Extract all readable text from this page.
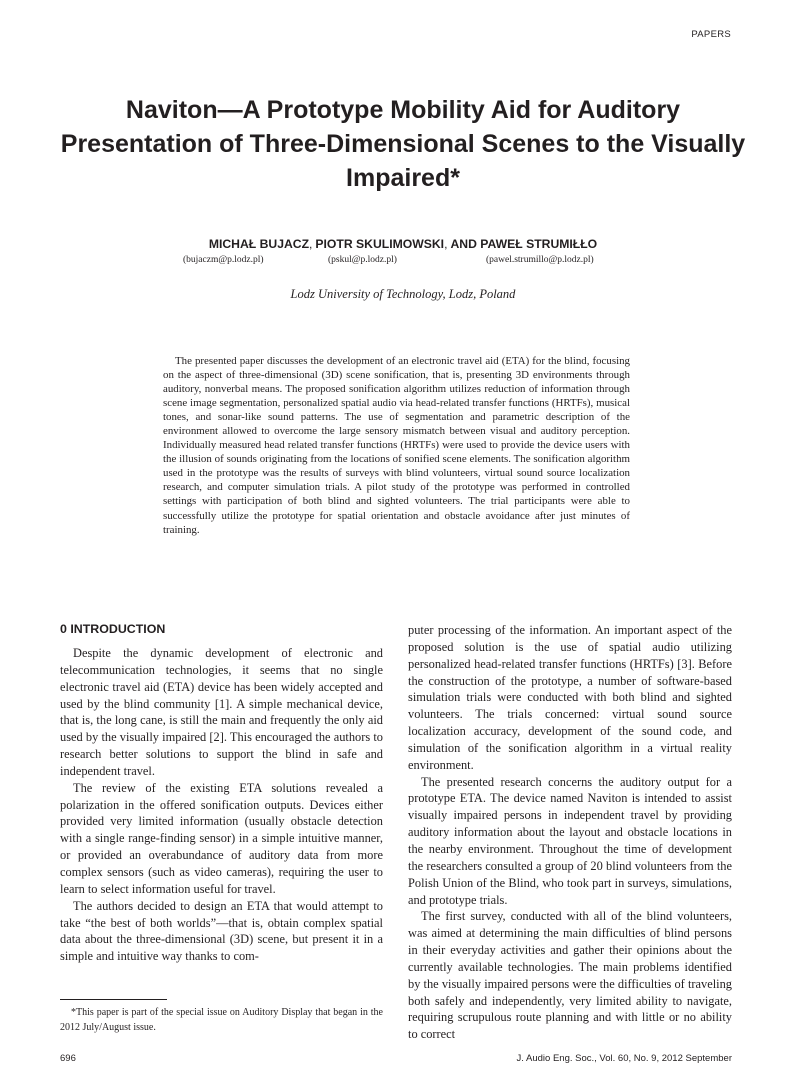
PAPERS
Naviton—A Prototype Mobility Aid for Auditory Presentation of Three-Dimensional Scenes to the Visually Impaired*
MICHAŁ BUJACZ, PIOTR SKULIMOWSKI, AND PAWEŁ STRUMIŁŁO
(bujaczm@p.lodz.pl)	(pskul@p.lodz.pl)	(pawel.strumillo@p.lodz.pl)
Lodz University of Technology, Lodz, Poland

The presented paper discusses the development of an electronic travel aid (ETA) for the blind, focusing on the aspect of three-dimensional (3D) scene sonification, that is, presenting 3D environments through auditory, nonverbal means. The proposed sonification algorithm utilizes reduction of information through scene image segmentation, personalized spatial audio via head-related transfer functions (HRTFs), musical tones, and sonar-like sound patterns. The use of segmentation and parametric description of the environment allowed to overcome the large sensory mismatch between visual and auditory perception. Individually measured head related transfer functions (HRTFs) were used to provide the device users with the illusion of sounds originating from the locations of sonified scene elements. The sonification algorithm used in the prototype was the results of surveys with blind volunteers, virtual sound source localization research, and computer simulation trials. A pilot study of the prototype was performed in controlled settings with participation of both blind and sighted volunteers. The trial participants were able to successfully utilize the prototype for spatial orientation and obstacle avoidance after just minutes of training.

0 INTRODUCTION

Despite the dynamic development of electronic and telecommunication technologies, it seems that no single electronic travel aid (ETA) device has been widely accepted and used by the blind community [1]. A simple mechanical device, that is, the long cane, is still the main and frequently the only aid used by the visually impaired [2]. This encouraged the authors to research better solutions to support the blind in safe and independent travel.

The review of the existing ETA solutions revealed a polarization in the offered sonification outputs. Devices either provided very limited information (usually obstacle detection with a single range-finding sensor) in a simple intuitive manner, or provided an overabundance of auditory data from more complex sensors (such as video cameras), requiring the user to learn to select information useful for travel.

The authors decided to design an ETA that would attempt to take “the best of both worlds”—that is, obtain complex spatial data about the three-dimensional (3D) scene, but present it in a simple and intuitive way thanks to com-

puter processing of the information. An important aspect of the proposed solution is the use of spatial audio utilizing personalized head-related transfer functions (HRTFs) [3]. Before the construction of the prototype, a number of software-based simulation trials were conducted with both blind and sighted volunteers. The trials concerned: virtual sound source localization accuracy, development of the sound code, and simulation of the sonification algorithm in a virtual reality environment.

The presented research concerns the auditory output for a prototype ETA. The device named Naviton is intended to assist visually impaired persons in independent travel by providing auditory information about the layout and obstacle locations in the nearby environment. Throughout the time of development the researchers consulted a group of 20 blind volunteers from the Polish Union of the Blind, who took part in surveys, simulations, and prototype trials.

The first survey, conducted with all of the blind volunteers, was aimed at determining the main difficulties of blind persons in their everyday activities and gather their opinions about the currently available technologies. The main problems identified by the visually impaired persons were the difficulties of traveling both safely and independently, very limited ability to navigate, requiring scrupulous route planning and with little or no ability to correct

*This paper is part of the special issue on Auditory Display that began in the 2012 July/August issue.

696	J. Audio Eng. Soc., Vol. 60, No. 9, 2012 September
